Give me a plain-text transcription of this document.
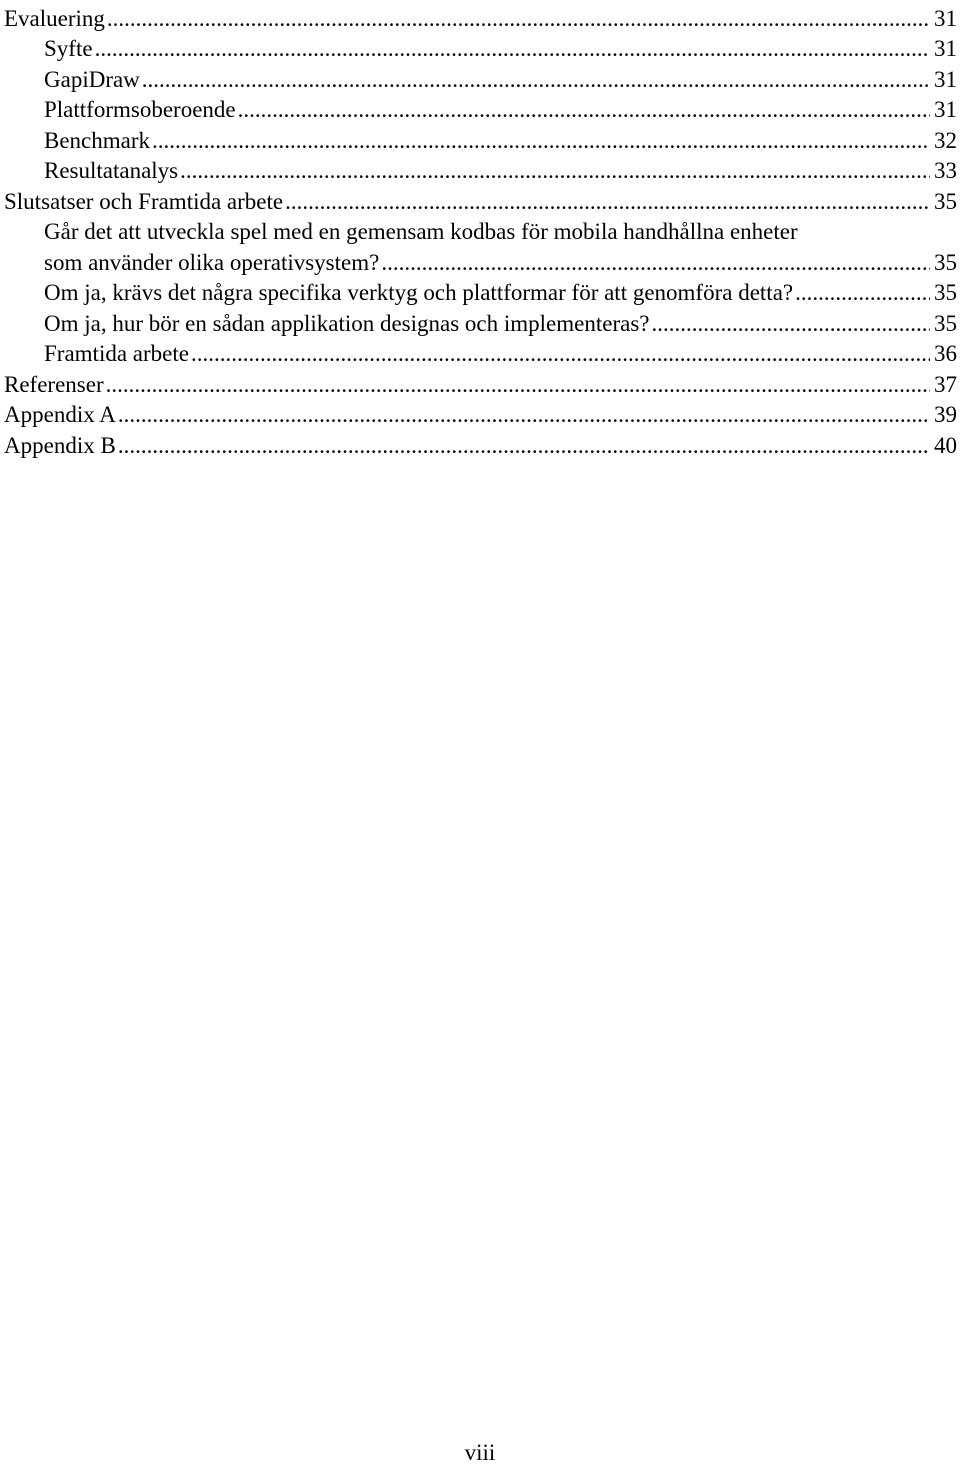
Evaluering .....	31
Syfte .....	31
GapiDraw .....	31
Plattformsoberoende .....	31
Benchmark .....	32
Resultatanalys .....	33
Slutsatser och Framtida arbete .....	35
Går det att utveckla spel med en gemensam kodbas för mobila handhållna enheter
som använder olika operativsystem? .....	35
Om ja, krävs det några specifika verktyg och plattformar för att genomföra detta? .....	35
Om ja, hur bör en sådan applikation designas och implementeras? .....	35
Framtida arbete .....	36
Referenser .....	37
Appendix A .....	39
Appendix B .....	40
viii
